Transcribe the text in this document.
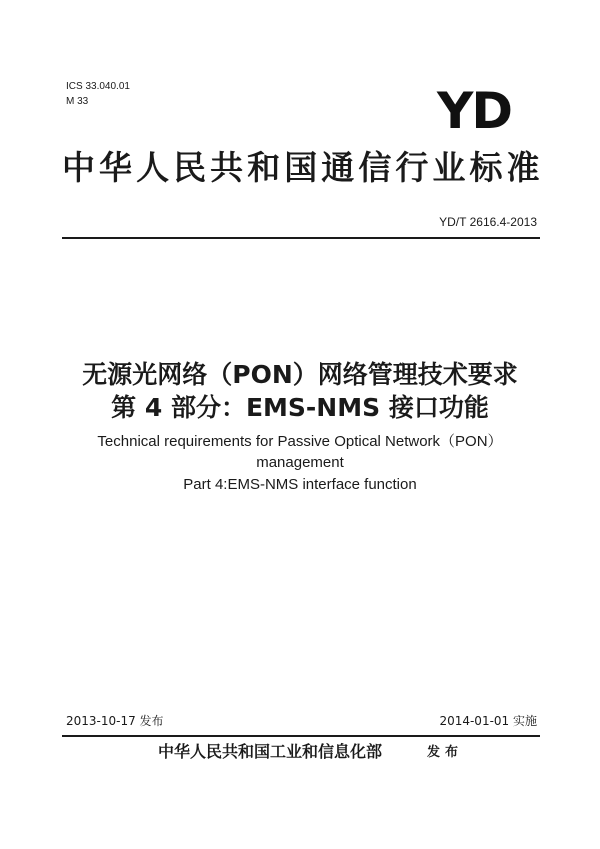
ICS 33.040.01
M 33	YD
中华人民共和国通信行业标准
YD/T 2616.4-2013
无源光网络（PON）网络管理技术要求
第 4 部分：EMS-NMS 接口功能
Technical requirements for Passive Optical Network（PON）
management
Part 4:EMS-NMS interface function
2013-10-17 发布	2014-01-01 实施
中华人民共和国工业和信息化部	发布
